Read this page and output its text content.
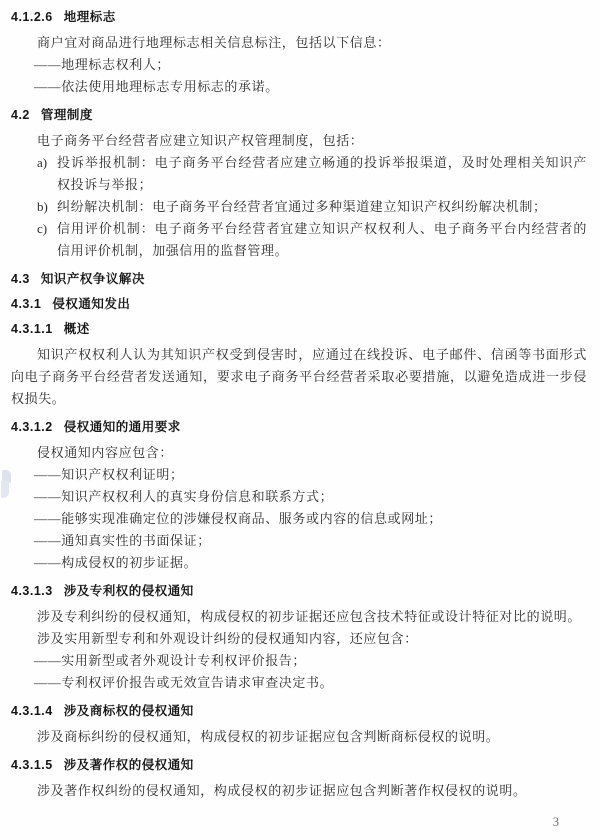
4.1.2.6 地理标志

商户宜对商品进行地理标志相关信息标注，包括以下信息：

——地理标志权利人；
——依法使用地理标志专用标志的承诺。
4.2 管理制度

电子商务平台经营者应建立知识产权管理制度，包括：

a) 投诉举报机制：电子商务平台经营者应建立畅通的投诉举报渠道，及时处理相关知识产权投诉与举报；
b) 纠纷解决机制：电子商务平台经营者宜通过多种渠道建立知识产权纠纷解决机制；
c) 信用评价机制：电子商务平台经营者宜建立知识产权权利人、电子商务平台内经营者的信用评价机制，加强信用的监督管理。
4.3 知识产权争议解决
4.3.1 侵权通知发出
4.3.1.1 概述

知识产权权利人认为其知识产权受到侵害时，应通过在线投诉、电子邮件、信函等书面形式向电子商务平台经营者发送通知，要求电子商务平台经营者采取必要措施，以避免造成进一步侵权损失。

4.3.1.2 侵权通知的通用要求

侵权通知内容应包含：

——知识产权权利证明；
——知识产权权利人的真实身份信息和联系方式；
——能够实现准确定位的涉嫌侵权商品、服务或内容的信息或网址；
——通知真实性的书面保证；
——构成侵权的初步证据。
4.3.1.3 涉及专利权的侵权通知

涉及专利纠纷的侵权通知，构成侵权的初步证据还应包含技术特征或设计特征对比的说明。

涉及实用新型专利和外观设计纠纷的侵权通知内容，还应包含：

——实用新型或者外观设计专利权评价报告；
——专利权评价报告或无效宣告请求审查决定书。
4.3.1.4 涉及商标权的侵权通知

涉及商标纠纷的侵权通知，构成侵权的初步证据应包含判断商标侵权的说明。

4.3.1.5 涉及著作权的侵权通知

涉及著作权纠纷的侵权通知，构成侵权的初步证据应包含判断著作权侵权的说明。

3
